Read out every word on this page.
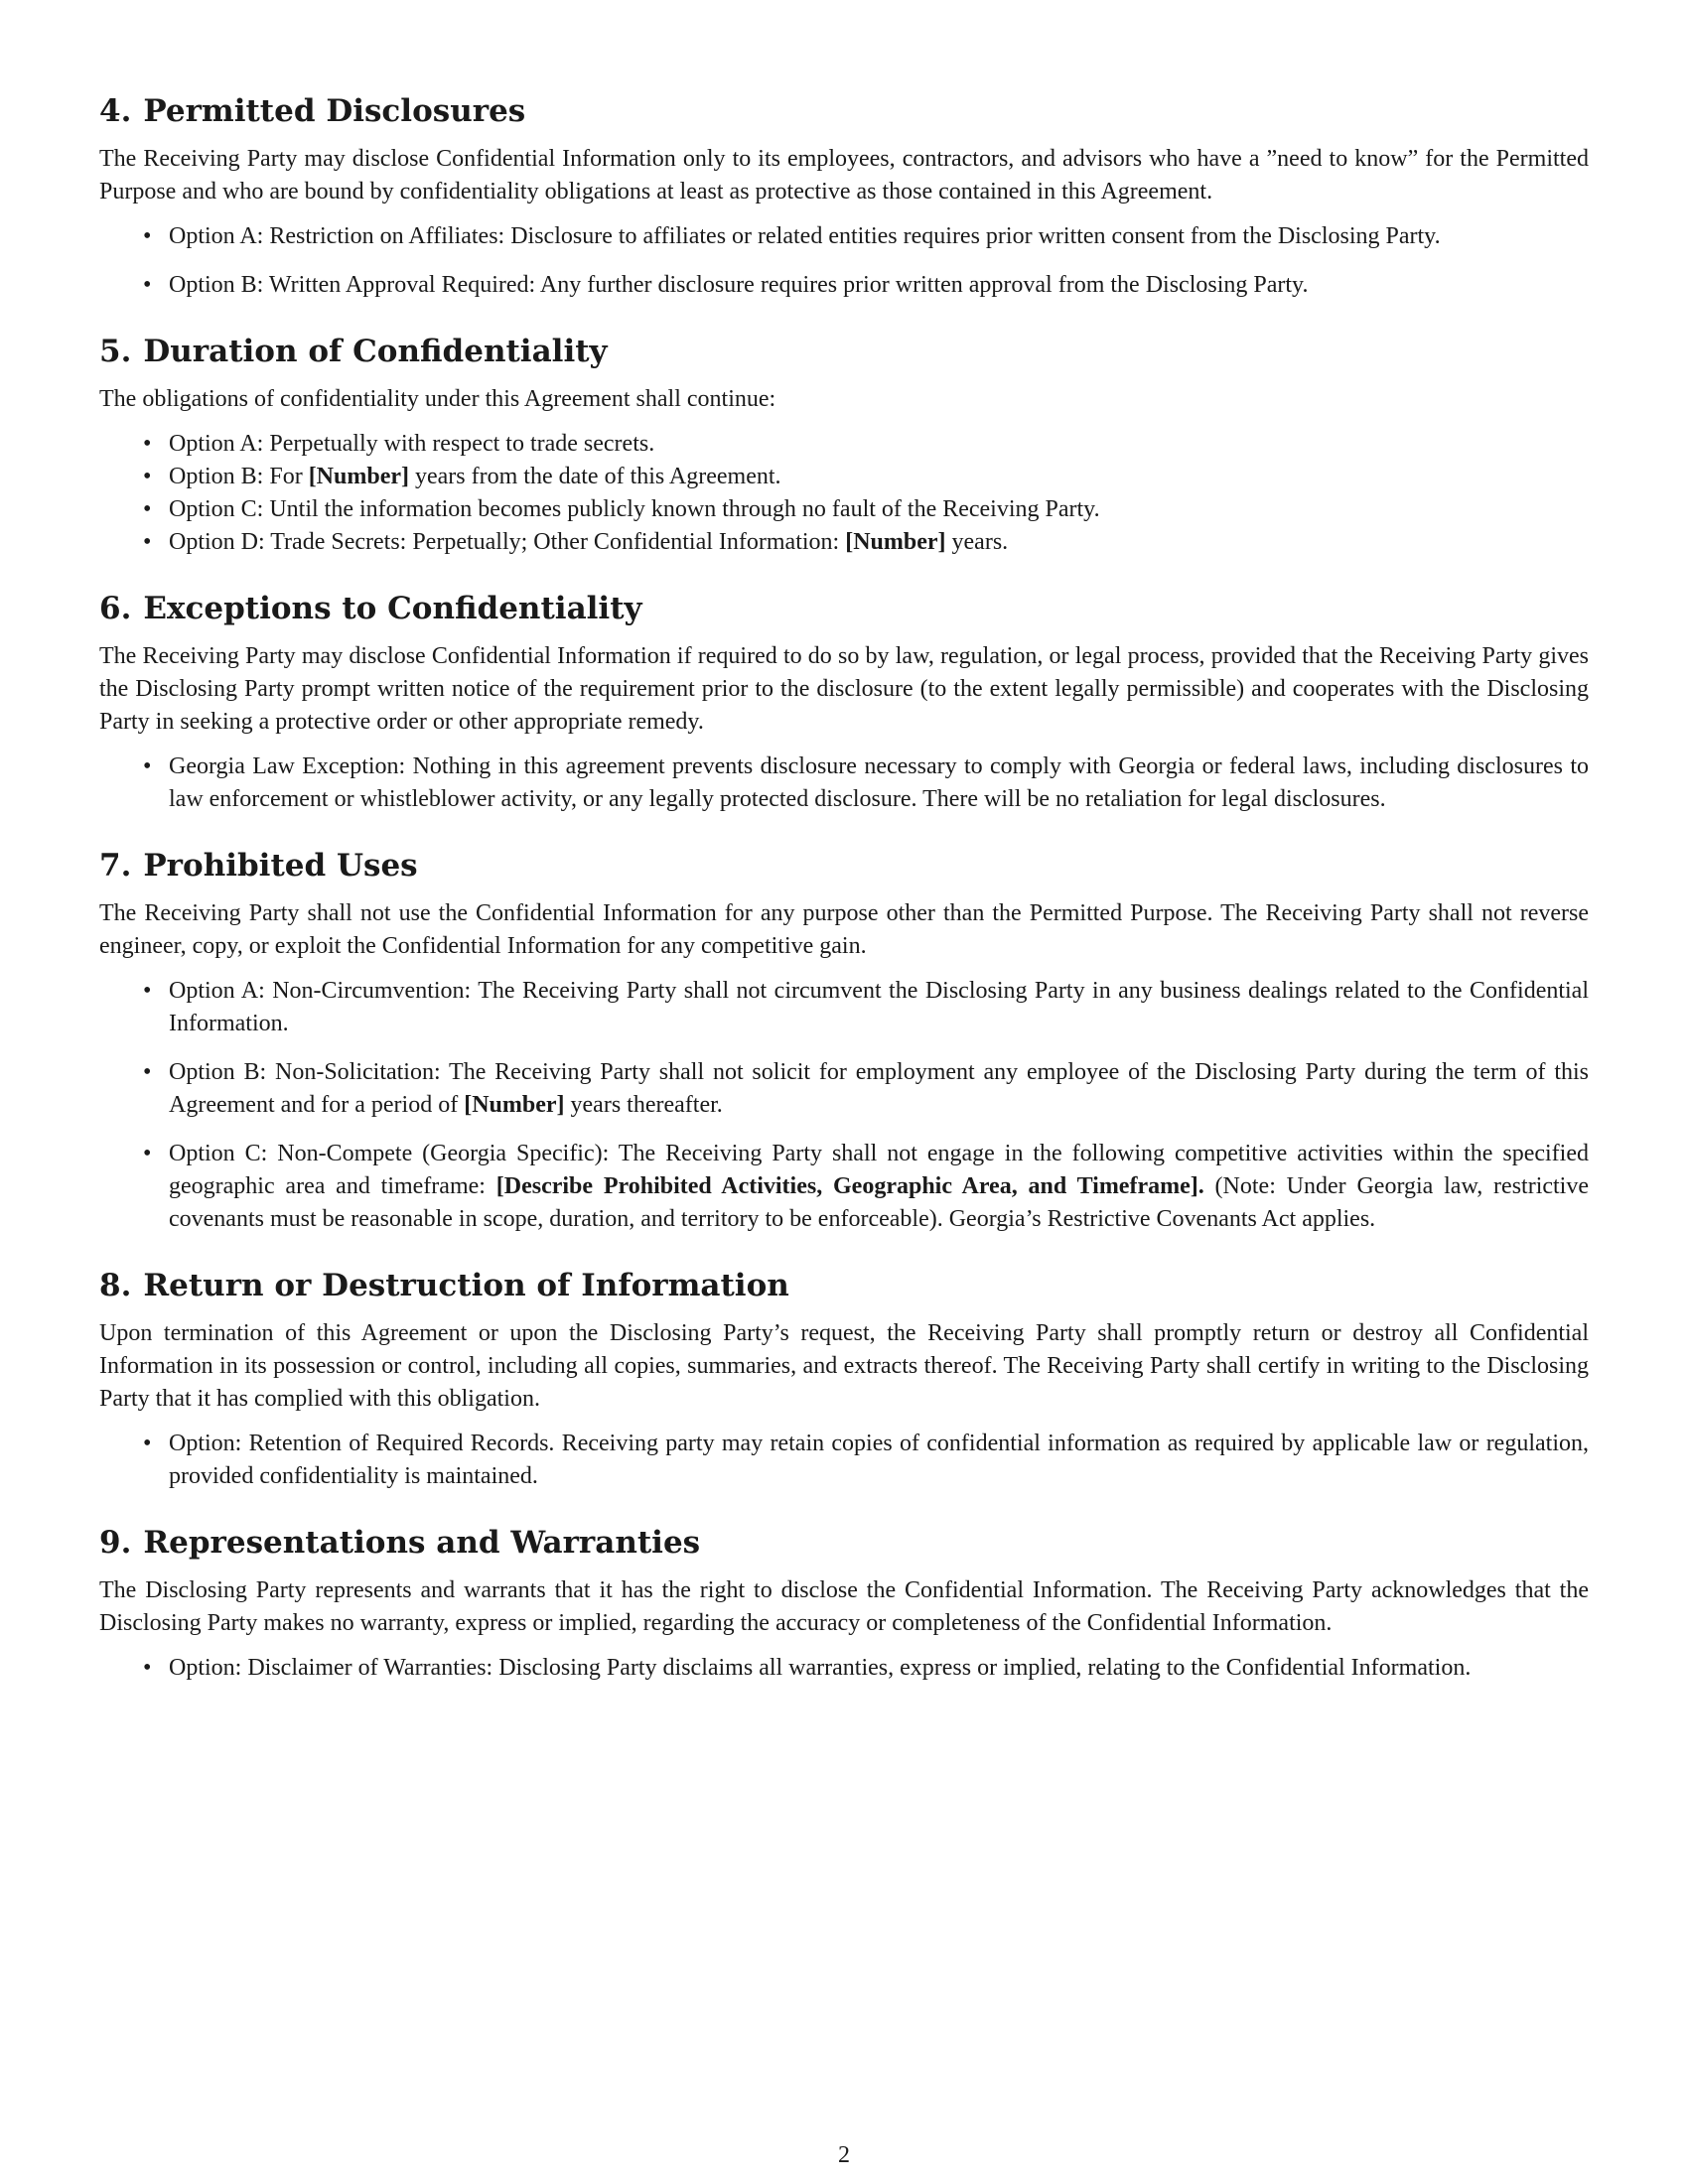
4. Permitted Disclosures

The Receiving Party may disclose Confidential Information only to its employees, contractors, and advisors who have a ”need to know” for the Permitted Purpose and who are bound by confidentiality obligations at least as protective as those contained in this Agreement.

• Option A: Restriction on Affiliates: Disclosure to affiliates or related entities requires prior written consent from the Disclosing Party.
• Option B: Written Approval Required: Any further disclosure requires prior written approval from the Disclosing Party.
5. Duration of Confidentiality

The obligations of confidentiality under this Agreement shall continue:

• Option A: Perpetually with respect to trade secrets.
• Option B: For [Number] years from the date of this Agreement.
• Option C: Until the information becomes publicly known through no fault of the Receiving Party.
• Option D: Trade Secrets: Perpetually; Other Confidential Information: [Number] years.
6. Exceptions to Confidentiality

The Receiving Party may disclose Confidential Information if required to do so by law, regulation, or legal process, provided that the Receiving Party gives the Disclosing Party prompt written notice of the requirement prior to the disclosure (to the extent legally permissible) and cooperates with the Disclosing Party in seeking a protective order or other appropriate remedy.

• Georgia Law Exception: Nothing in this agreement prevents disclosure necessary to comply with Georgia or federal laws, including disclosures to law enforcement or whistleblower activity, or any legally protected disclosure. There will be no retaliation for legal disclosures.
7. Prohibited Uses

The Receiving Party shall not use the Confidential Information for any purpose other than the Permitted Purpose. The Receiving Party shall not reverse engineer, copy, or exploit the Confidential Information for any competitive gain.

• Option A: Non-Circumvention: The Receiving Party shall not circumvent the Disclosing Party in any business dealings related to the Confidential Information.
• Option B: Non-Solicitation: The Receiving Party shall not solicit for employment any employee of the Disclosing Party during the term of this Agreement and for a period of [Number] years thereafter.
• Option C: Non-Compete (Georgia Specific): The Receiving Party shall not engage in the following competitive activities within the specified geographic area and timeframe: [Describe Prohibited Activities, Geographic Area, and Timeframe]. (Note: Under Georgia law, restrictive covenants must be reasonable in scope, duration, and territory to be enforceable). Georgia’s Restrictive Covenants Act applies.
8. Return or Destruction of Information

Upon termination of this Agreement or upon the Disclosing Party’s request, the Receiving Party shall promptly return or destroy all Confidential Information in its possession or control, including all copies, summaries, and extracts thereof. The Receiving Party shall certify in writing to the Disclosing Party that it has complied with this obligation.

• Option: Retention of Required Records. Receiving party may retain copies of confidential information as required by applicable law or regulation, provided confidentiality is maintained.
9. Representations and Warranties

The Disclosing Party represents and warrants that it has the right to disclose the Confidential Information. The Receiving Party acknowledges that the Disclosing Party makes no warranty, express or implied, regarding the accuracy or completeness of the Confidential Information.

• Option: Disclaimer of Warranties: Disclosing Party disclaims all warranties, express or implied, relating to the Confidential Information.
2
